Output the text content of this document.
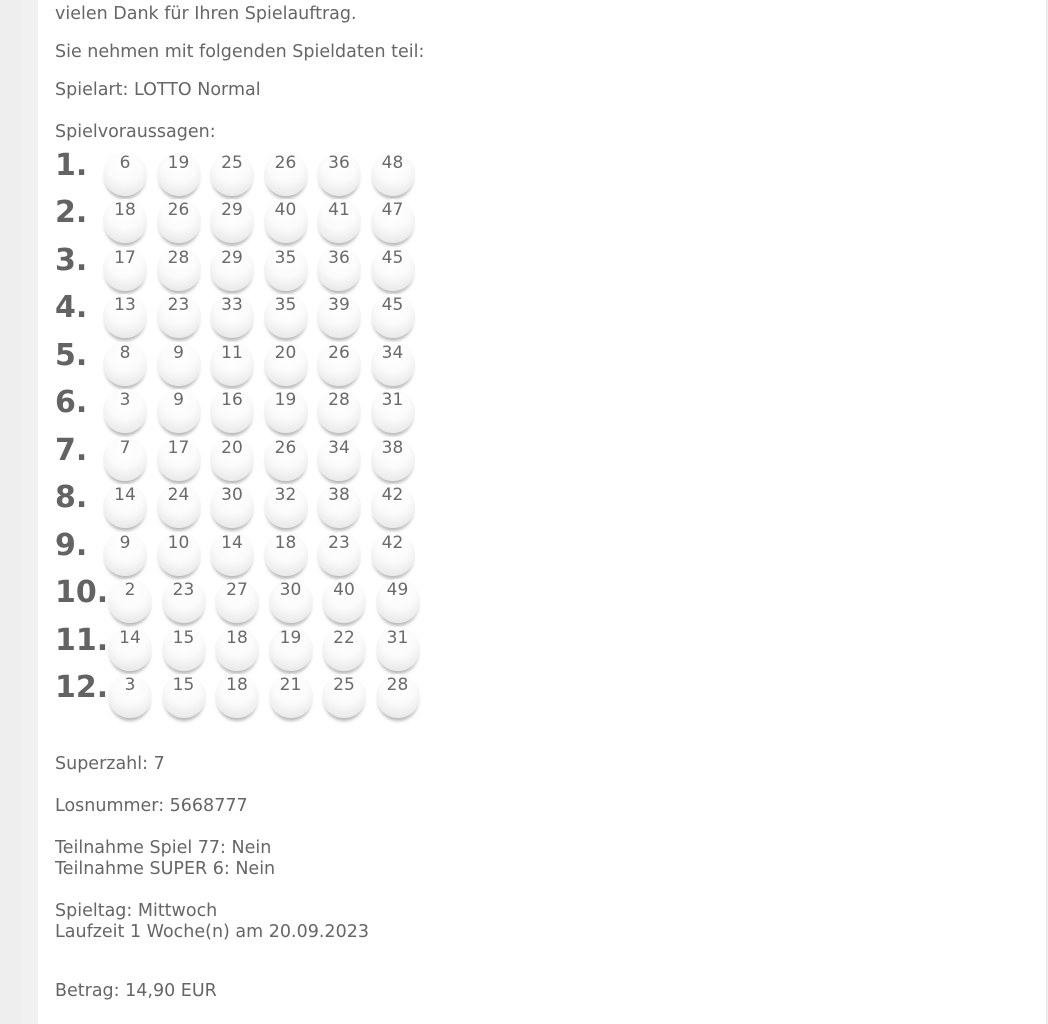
vielen Dank für Ihren Spielauftrag.
Sie nehmen mit folgenden Spieldaten teil:
Spielart: LOTTO Normal
Spielvoraussagen:
1.	6	19	25	26	36	48
2.	18	26	29	40	41	47
3.	17	28	29	35	36	45
4.	13	23	33	35	39	45
5.	8	9	11	20	26	34
6.	3	9	16	19	28	31
7.	7	17	20	26	34	38
8.	14	24	30	32	38	42
9.	9	10	14	18	23	42
10. 2	23	27	30	40	49
11. 14	15	18	19	22	31
12. 3	15	18	21	25	28
Superzahl: 7
Losnummer: 5668777
Teilnahme Spiel 77: Nein
Teilnahme SUPER 6: Nein
Spieltag: Mittwoch
Laufzeit 1 Woche(n) am 20.09.2023
Betrag: 14,90 EUR
